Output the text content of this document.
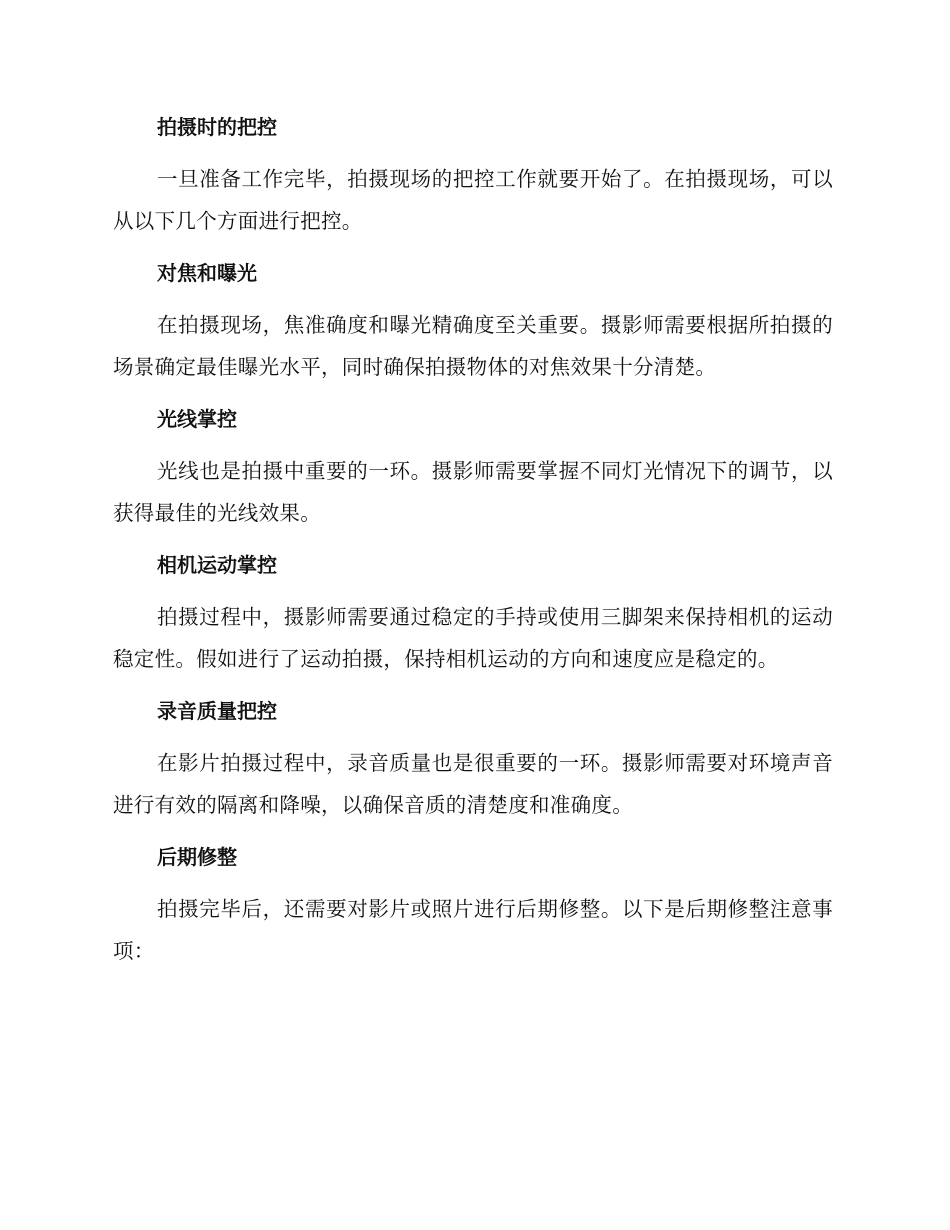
拍摄时的把控

一旦准备工作完毕，拍摄现场的把控工作就要开始了。在拍摄现场，可以从以下几个方面进行把控。

对焦和曝光

在拍摄现场，焦准确度和曝光精确度至关重要。摄影师需要根据所拍摄的场景确定最佳曝光水平，同时确保拍摄物体的对焦效果十分清楚。

光线掌控

光线也是拍摄中重要的一环。摄影师需要掌握不同灯光情况下的调节，以获得最佳的光线效果。

相机运动掌控

拍摄过程中，摄影师需要通过稳定的手持或使用三脚架来保持相机的运动稳定性。假如进行了运动拍摄，保持相机运动的方向和速度应是稳定的。

录音质量把控

在影片拍摄过程中，录音质量也是很重要的一环。摄影师需要对环境声音进行有效的隔离和降噪，以确保音质的清楚度和准确度。

后期修整

拍摄完毕后，还需要对影片或照片进行后期修整。以下是后期修整注意事项：
